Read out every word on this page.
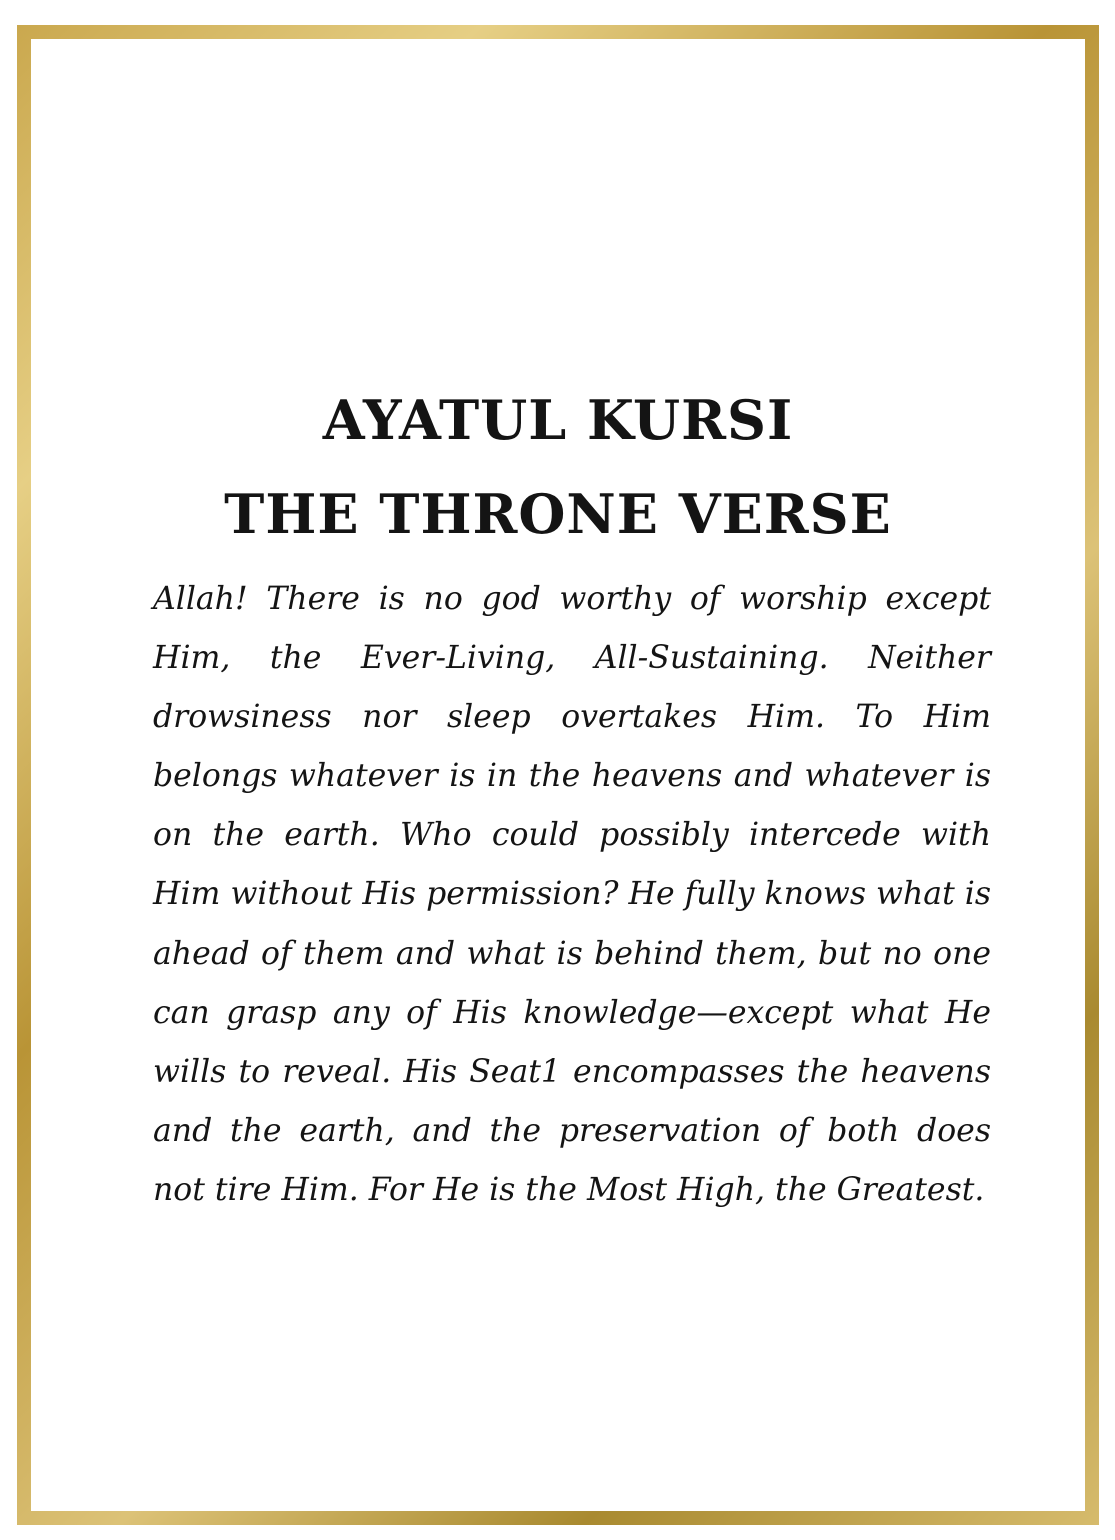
AYATUL KURSI
THE THRONE VERSE

Allah! There is no god worthy of worship except Him, the Ever-Living, All-Sustaining. Neither drowsiness nor sleep overtakes Him. To Him belongs whatever is in the heavens and whatever is on the earth. Who could possibly intercede with Him without His permission? He fully knows what is ahead of them and what is behind them, but no one can grasp any of His knowledge—except what He wills to reveal. His Seat1 encompasses the heavens and the earth, and the preservation of both does not tire Him. For He is the Most High, the Greatest.
